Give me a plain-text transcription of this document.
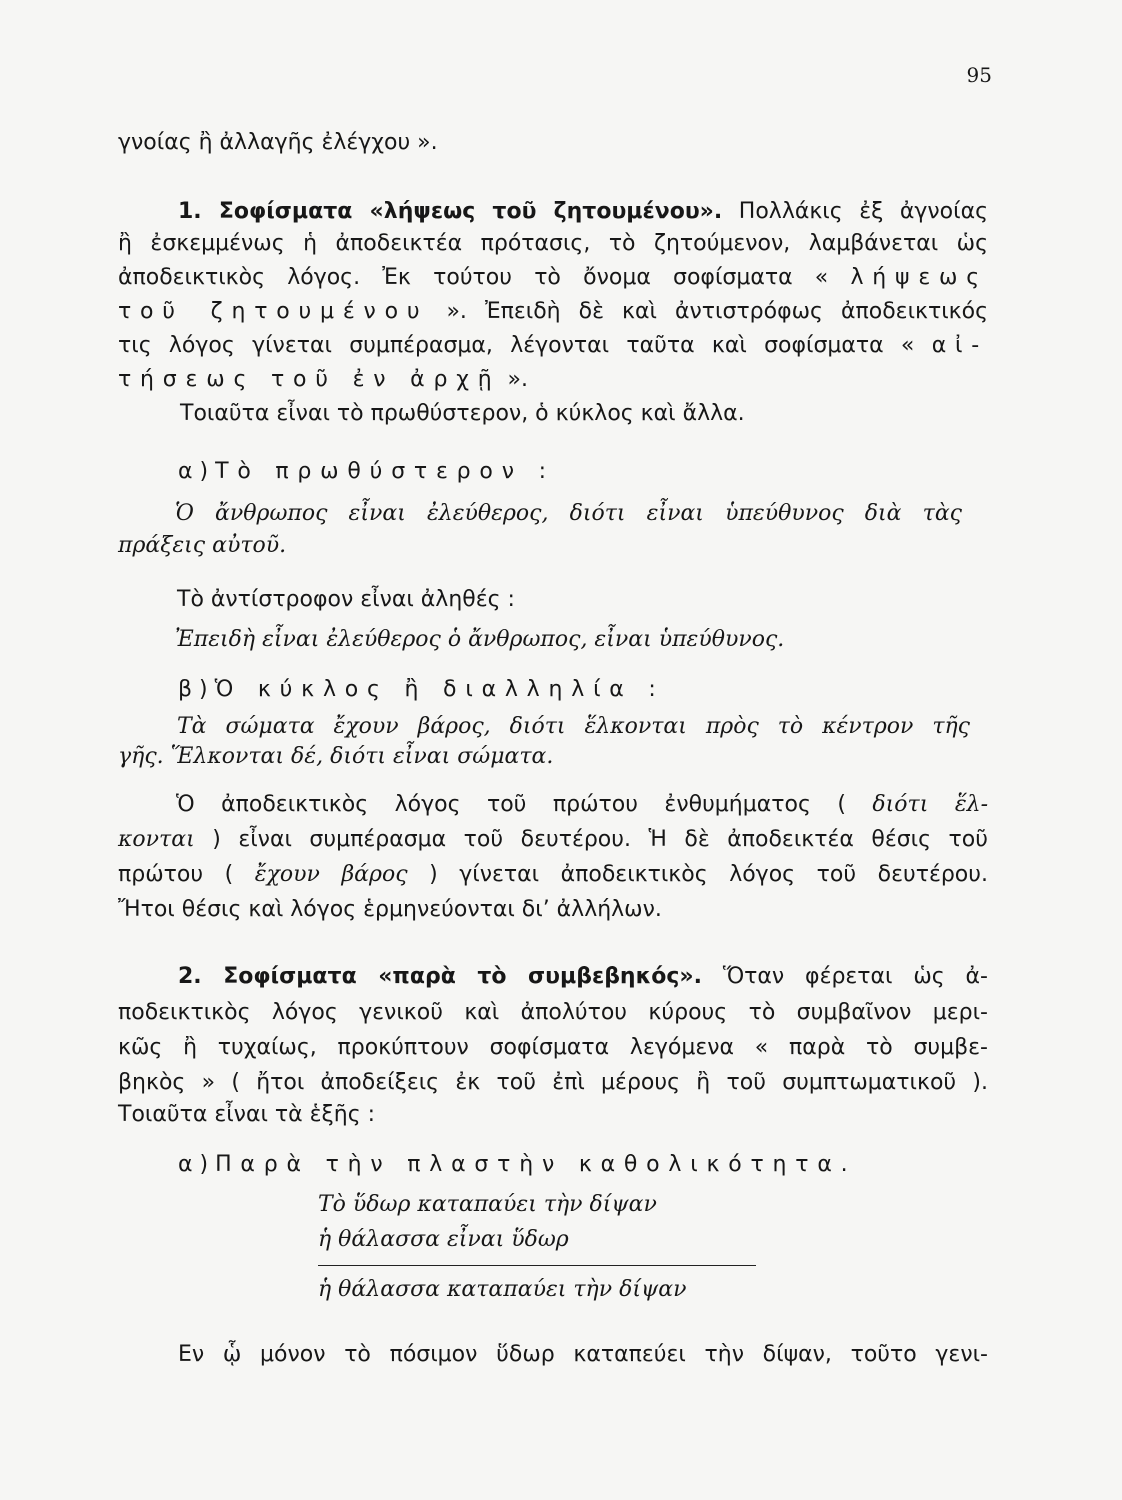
95
γνοίας ἢ ἀλλαγῆς ἐλέγχου ».
1. Σοφίσματα «λήψεως τοῦ ζητουμένου». Πολλάκις ἐξ ἀγνοίας
ἢ ἐσκεμμένως ἡ ἀποδεικτέα πρότασις, τὸ ζητούμενον, λαμβάνεται ὡς
ἀποδεικτικὸς λόγος. Ἐκ τούτου τὸ ὄνομα σοφίσματα « λήψεως
τοῦ ζητουμένου ». Ἐπειδὴ δὲ καὶ ἀντιστρόφως ἀποδεικτικός
τις λόγος γίνεται συμπέρασμα, λέγονται ταῦτα καὶ σοφίσματα « αἰ-
τήσεως τοῦ ἐν ἀρχῇ ».
Τοιαῦτα εἶναι τὸ πρωθύστερον, ὁ κύκλος καὶ ἄλλα.
α ) Τὸ πρωθύστερον :
Ὁ ἄνθρωπος εἶναι ἐλεύθερος, διότι εἶναι ὑπεύθυνος διὰ τὰς
πράξεις αὐτοῦ.
Τὸ ἀντίστροφον εἶναι ἀληθές :
Ἐπειδὴ εἶναι ἐλεύθερος ὁ ἄνθρωπος, εἶναι ὑπεύθυνος.
β ) Ὁ κύκλος ἢ διαλληλία :
Τὰ σώματα ἔχουν βάρος, διότι ἕλκονται πρὸς τὸ κέντρον τῆς
γῆς. Ἕλκονται δέ, διότι εἶναι σώματα.
Ὁ ἀποδεικτικὸς λόγος τοῦ πρώτου ἐνθυμήματος ( διότι ἕλ-
κονται ) εἶναι συμπέρασμα τοῦ δευτέρου. Ἡ δὲ ἀποδεικτέα θέσις τοῦ
πρώτου ( ἔχουν βάρος ) γίνεται ἀποδεικτικὸς λόγος τοῦ δευτέρου.
Ἤτοι θέσις καὶ λόγος ἑρμηνεύονται δι’ ἀλλήλων.
2. Σοφίσματα «παρὰ τὸ συμβεβηκός». Ὅταν φέρεται ὡς ἀ-
ποδεικτικὸς λόγος γενικοῦ καὶ ἀπολύτου κύρους τὸ συμβαῖνον μερι-
κῶς ἢ τυχαίως, προκύπτουν σοφίσματα λεγόμενα « παρὰ τὸ συμβε-
βηκὸς » ( ἤτοι ἀποδείξεις ἐκ τοῦ ἐπὶ μέρους ἢ τοῦ συμπτωματικοῦ ).
Τοιαῦτα εἶναι τὰ ἑξῆς :
α ) Παρὰ τὴν πλαστὴν καθολικότητα.
Τὸ ὕδωρ καταπαύει τὴν δίψαν
ἡ θάλασσα εἶναι ὕδωρ
ἡ θάλασσα καταπαύει τὴν δίψαν
Εν ᾧ μόνον τὸ πόσιμον ὕδωρ καταπεύει τὴν δίψαν, τοῦτο γενι-
